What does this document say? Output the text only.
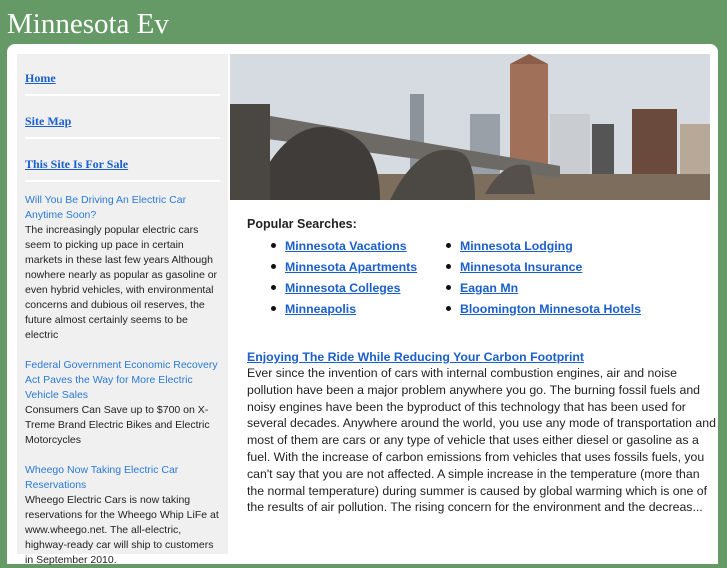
Minnesota Ev
Home
Site Map
This Site Is For Sale
Will You Be Driving An Electric Car Anytime Soon?
The increasingly popular electric cars seem to picking up pace in certain markets in these last few years Although nowhere nearly as popular as gasoline or even hybrid vehicles, with environmental concerns and dubious oil reserves, the future almost certainly seems to be electric
Federal Government Economic Recovery Act Paves the Way for More Electric Vehicle Sales
Consumers Can Save up to $700 on X-Treme Brand Electric Bikes and Electric Motorcycles
Wheego Now Taking Electric Car Reservations
Wheego Electric Cars is now taking reservations for the Wheego Whip LiFe at www.wheego.net. The all-electric, highway-ready car will ship to customers in September 2010.
Popular Searches:
Minnesota Vacations	Minnesota Lodging
Minnesota Apartments	Minnesota Insurance
Minnesota Colleges	Eagan Mn
Minneapolis	Bloomington Minnesota Hotels
Enjoying The Ride While Reducing Your Carbon Footprint
Ever since the invention of cars with internal combustion engines, air and noise pollution have been a major problem anywhere you go. The burning fossil fuels and noisy engines have been the byproduct of this technology that has been used for several decades. Anywhere around the world, you use any mode of transportation and most of them are cars or any type of vehicle that uses either diesel or gasoline as a fuel. With the increase of carbon emissions from vehicles that uses fossils fuels, you can't say that you are not affected. A simple increase in the temperature (more than the normal temperature) during summer is caused by global warming which is one of the results of air pollution. The rising concern for the environment and the decreas...
